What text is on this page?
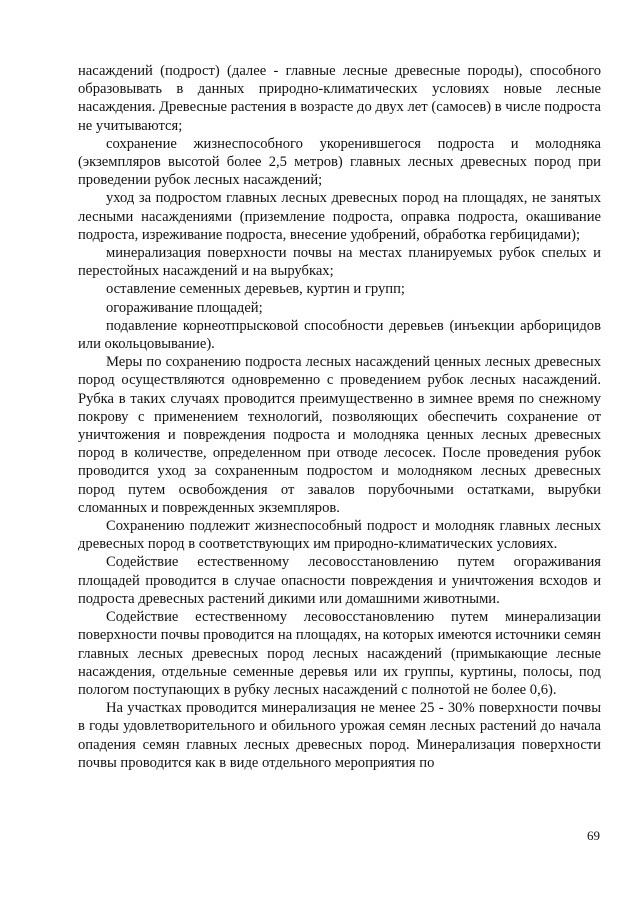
насаждений (подрост) (далее - главные лесные древесные породы), способного образовывать в данных природно-климатических условиях новые лесные насаждения. Древесные растения в возрасте до двух лет (самосев) в числе подроста не учитываются;

сохранение жизнеспособного укоренившегося подроста и молодняка (экземпляров высотой более 2,5 метров) главных лесных древесных пород при проведении рубок лесных насаждений;

уход за подростом главных лесных древесных пород на площадях, не занятых лесными насаждениями (приземление подроста, оправка подроста, окашивание подроста, изреживание подроста, внесение удобрений, обработка гербицидами);

минерализация поверхности почвы на местах планируемых рубок спелых и перестойных насаждений и на вырубках;

оставление семенных деревьев, куртин и групп;

огораживание площадей;

подавление корнеотпрысковой способности деревьев (инъекции арборицидов или окольцовывание).

Меры по сохранению подроста лесных насаждений ценных лесных древесных пород осуществляются одновременно с проведением рубок лесных насаждений. Рубка в таких случаях проводится преимущественно в зимнее время по снежному покрову с применением технологий, позволяющих обеспечить сохранение от уничтожения и повреждения подроста и молодняка ценных лесных древесных пород в количестве, определенном при отводе лесосек. После проведения рубок проводится уход за сохраненным подростом и молодняком лесных древесных пород путем освобождения от завалов порубочными остатками, вырубки сломанных и поврежденных экземпляров.

Сохранению подлежит жизнеспособный подрост и молодняк главных лесных древесных пород в соответствующих им природно-климатических условиях.

Содействие естественному лесовосстановлению путем огораживания площадей проводится в случае опасности повреждения и уничтожения всходов и подроста древесных растений дикими или домашними животными.

Содействие естественному лесовосстановлению путем минерализации поверхности почвы проводится на площадях, на которых имеются источники семян главных лесных древесных пород лесных насаждений (примыкающие лесные насаждения, отдельные семенные деревья или их группы, куртины, полосы, под пологом поступающих в рубку лесных насаждений с полнотой не более 0,6).

На участках проводится минерализация не менее 25 - 30% поверхности почвы в годы удовлетворительного и обильного урожая семян лесных растений до начала опадения семян главных лесных древесных пород. Минерализация поверхности почвы проводится как в виде отдельного мероприятия по

69
